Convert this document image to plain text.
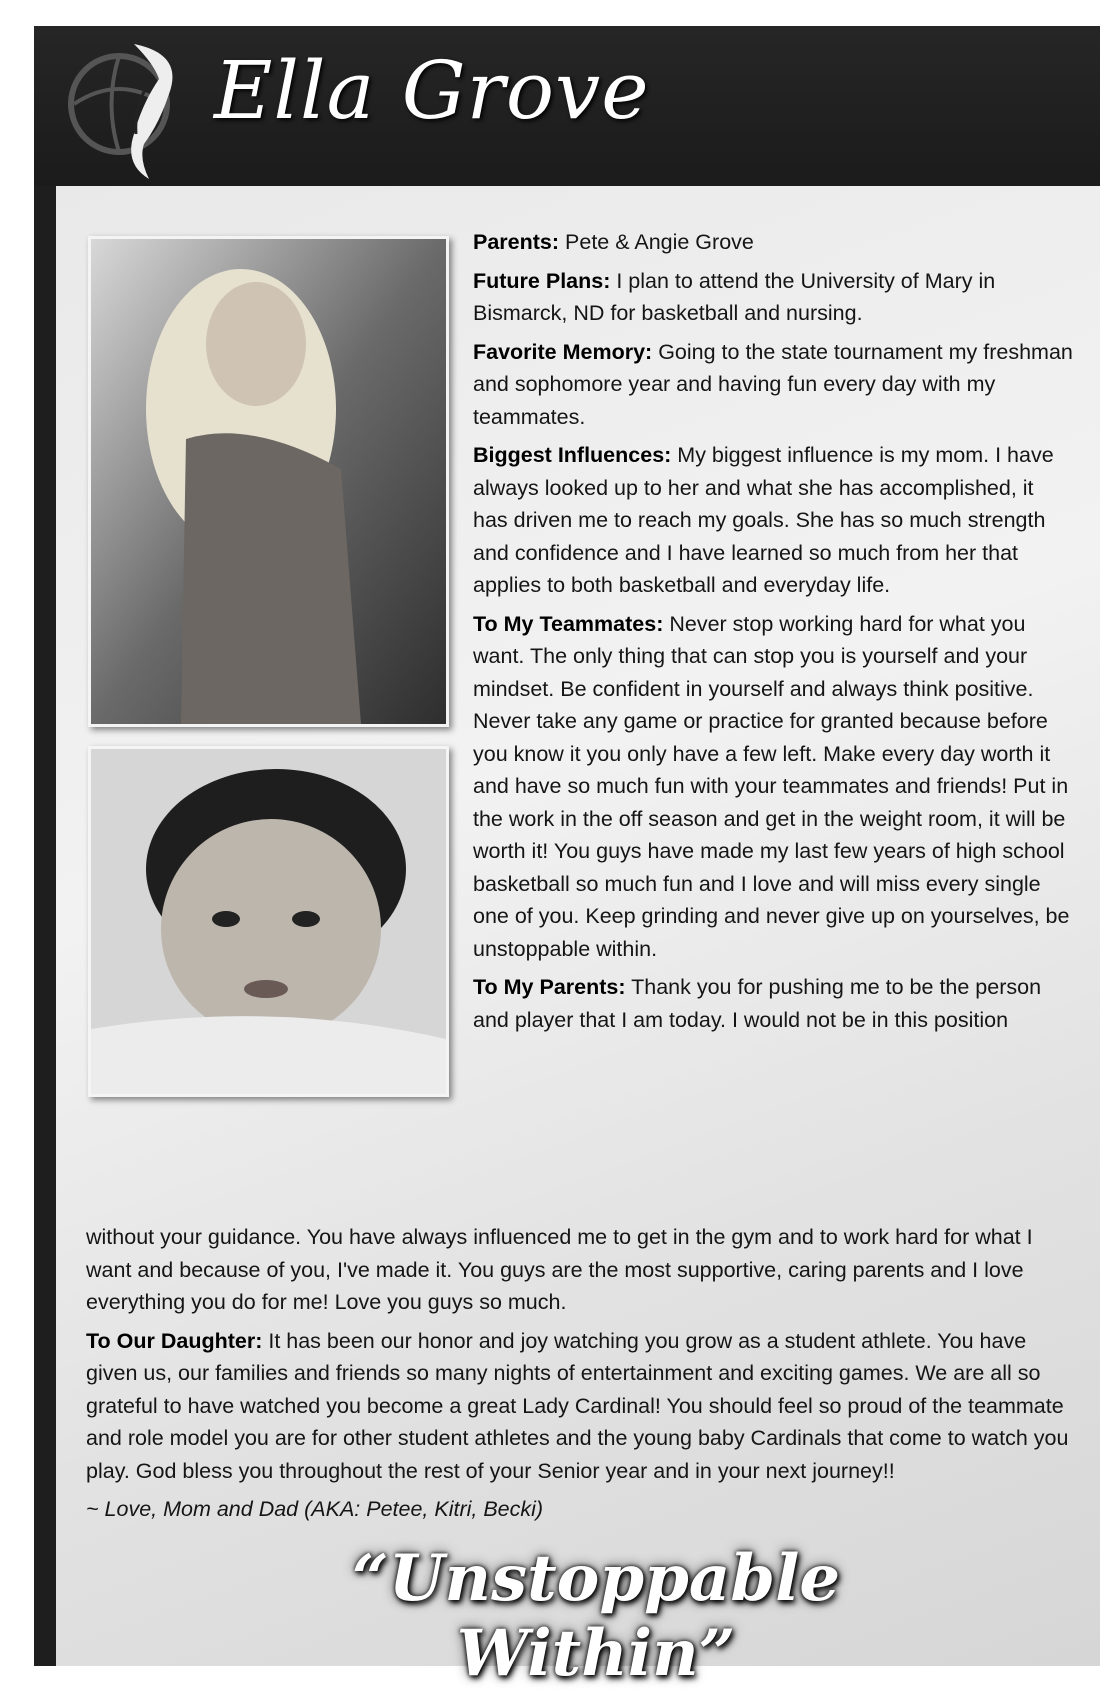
Ella Grove

Parents: Pete & Angie Grove

Future Plans: I plan to attend the University of Mary in Bismarck, ND for basketball and nursing.

Favorite Memory: Going to the state tournament my freshman and sophomore year and having fun every day with my teammates.

Biggest Influences: My biggest influence is my mom. I have always looked up to her and what she has accomplished, it has driven me to reach my goals. She has so much strength and confidence and I have learned so much from her that applies to both basketball and everyday life.

To My Teammates: Never stop working hard for what you want. The only thing that can stop you is yourself and your mindset. Be confident in yourself and always think positive. Never take any game or practice for granted because before you know it you only have a few left. Make every day worth it and have so much fun with your teammates and friends! Put in the work in the off season and get in the weight room, it will be worth it! You guys have made my last few years of high school basketball so much fun and I love and will miss every single one of you. Keep grinding and never give up on yourselves, be unstoppable within.

To My Parents: Thank you for pushing me to be the person and player that I am today. I would not be in this position

without your guidance. You have always influenced me to get in the gym and to work hard for what I want and because of you, I've made it. You guys are the most supportive, caring parents and I love everything you do for me! Love you guys so much.

To Our Daughter: It has been our honor and joy watching you grow as a student athlete. You have given us, our families and friends so many nights of entertainment and exciting games. We are all so grateful to have watched you become a great Lady Cardinal! You should feel so proud of the teammate and role model you are for other student athletes and the young baby Cardinals that come to watch you play. God bless you throughout the rest of your Senior year and in your next journey!!

~ Love, Mom and Dad (AKA: Petee, Kitri, Becki)

“Unstoppable Within”
